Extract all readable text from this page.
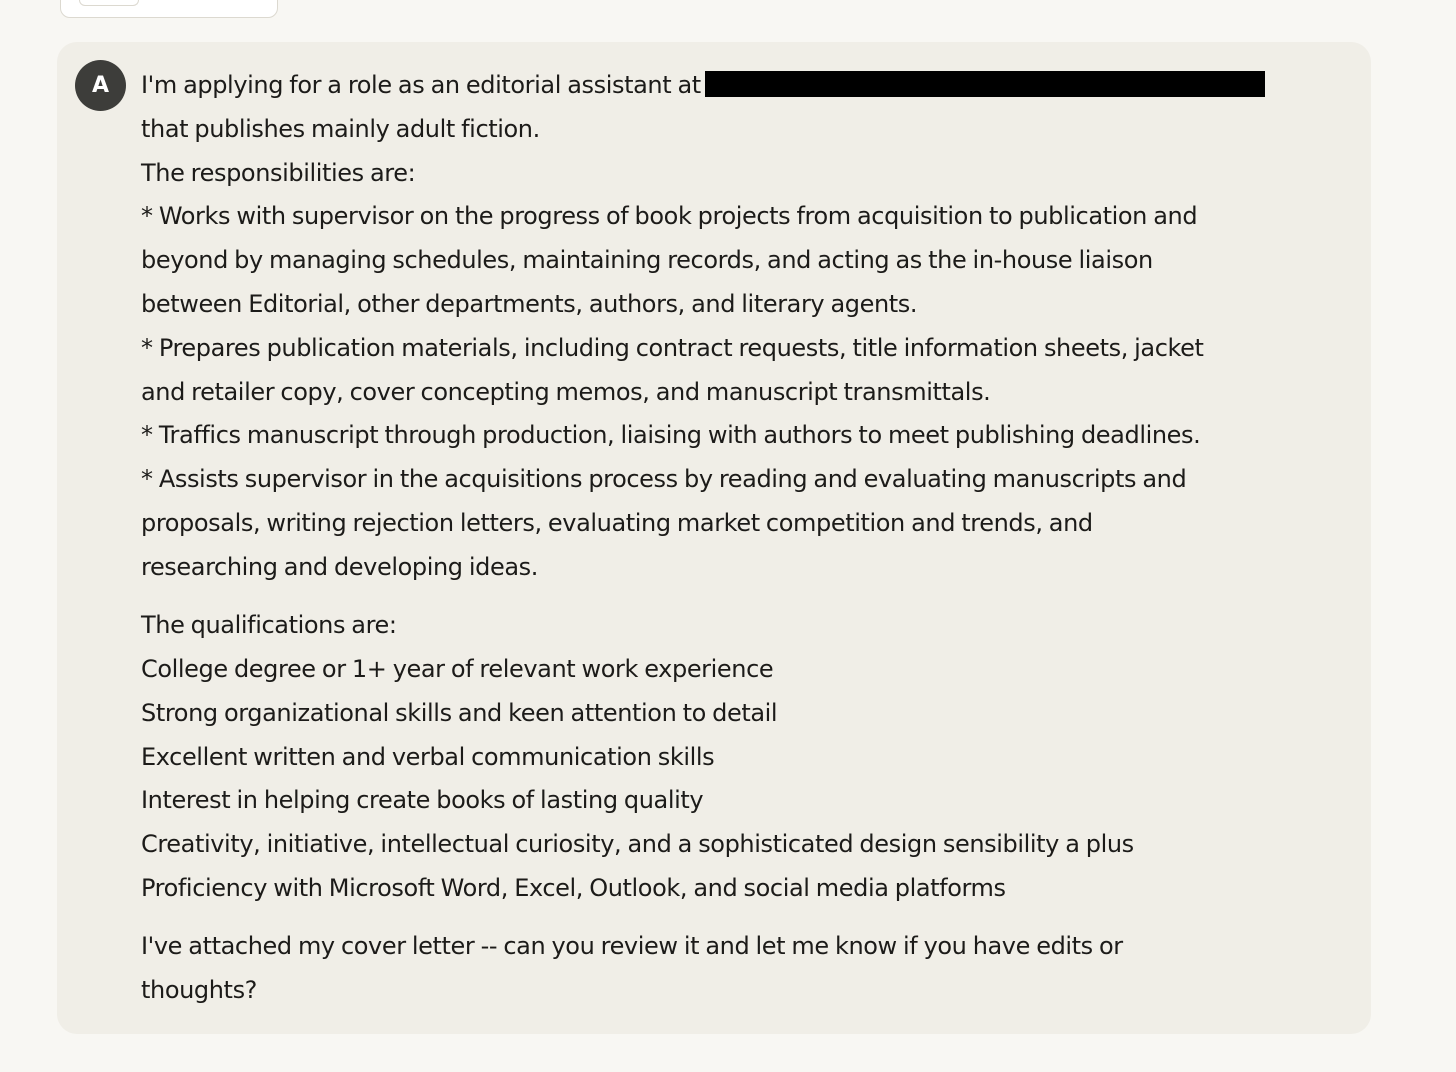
A I'm applying for a role as an editorial assistant at
that publishes mainly adult fiction.
The responsibilities are:
* Works with supervisor on the progress of book projects from acquisition to publication and
beyond by managing schedules, maintaining records, and acting as the in-house liaison
between Editorial, other departments, authors, and literary agents.
* Prepares publication materials, including contract requests, title information sheets, jacket
and retailer copy, cover concepting memos, and manuscript transmittals.
* Traffics manuscript through production, liaising with authors to meet publishing deadlines.
* Assists supervisor in the acquisitions process by reading and evaluating manuscripts and
proposals, writing rejection letters, evaluating market competition and trends, and
researching and developing ideas.
The qualifications are:
College degree or 1+ year of relevant work experience
Strong organizational skills and keen attention to detail
Excellent written and verbal communication skills
Interest in helping create books of lasting quality
Creativity, initiative, intellectual curiosity, and a sophisticated design sensibility a plus
Proficiency with Microsoft Word, Excel, Outlook, and social media platforms
I've attached my cover letter -- can you review it and let me know if you have edits or
thoughts?
